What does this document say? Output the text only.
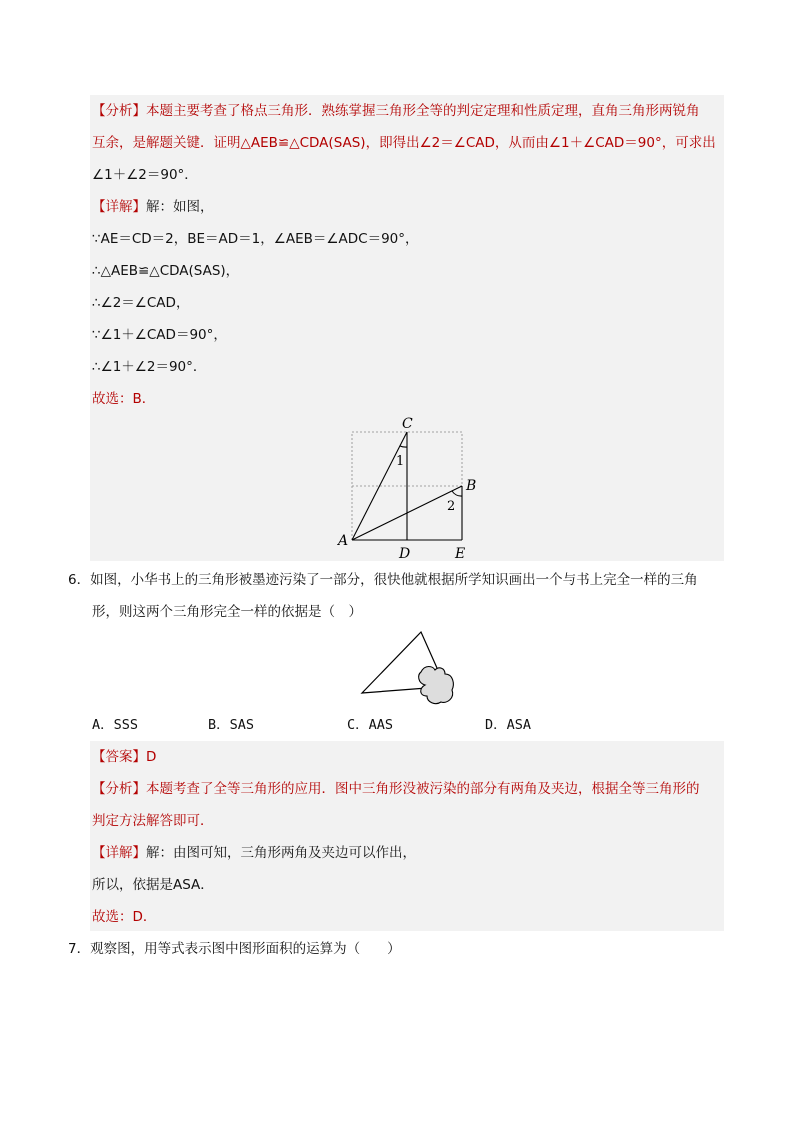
【分析】本题主要考查了格点三角形．熟练掌握三角形全等的判定定理和性质定理，直角三角形两锐角
互余，是解题关键．证明△AEB≌△CDA(SAS)，即得出∠2＝∠CAD，从而由∠1＋∠CAD＝90°，可求出
∠1＋∠2＝90°．
【详解】解：如图，
∵AE＝CD＝2，BE＝AD＝1，∠AEB＝∠ADC＝90°，
∴△AEB≌△CDA(SAS)，
∴∠2＝∠CAD，
∵∠1＋∠CAD＝90°，
∴∠1＋∠2＝90°．
故选：B．
C
B
A
D	E
1
2
6．如图，小华书上的三角形被墨迹污染了一部分，很快他就根据所学知识画出一个与书上完全一样的三角
形，则这两个三角形完全一样的依据是（　）
A．SSS	B．SAS	C．AAS	D．ASA
【答案】D
【分析】本题考查了全等三角形的应用．图中三角形没被污染的部分有两角及夹边，根据全等三角形的
判定方法解答即可．
【详解】解：由图可知，三角形两角及夹边可以作出，
所以，依据是ASA．
故选：D．
7．观察图，用等式表示图中图形面积的运算为（　　）
